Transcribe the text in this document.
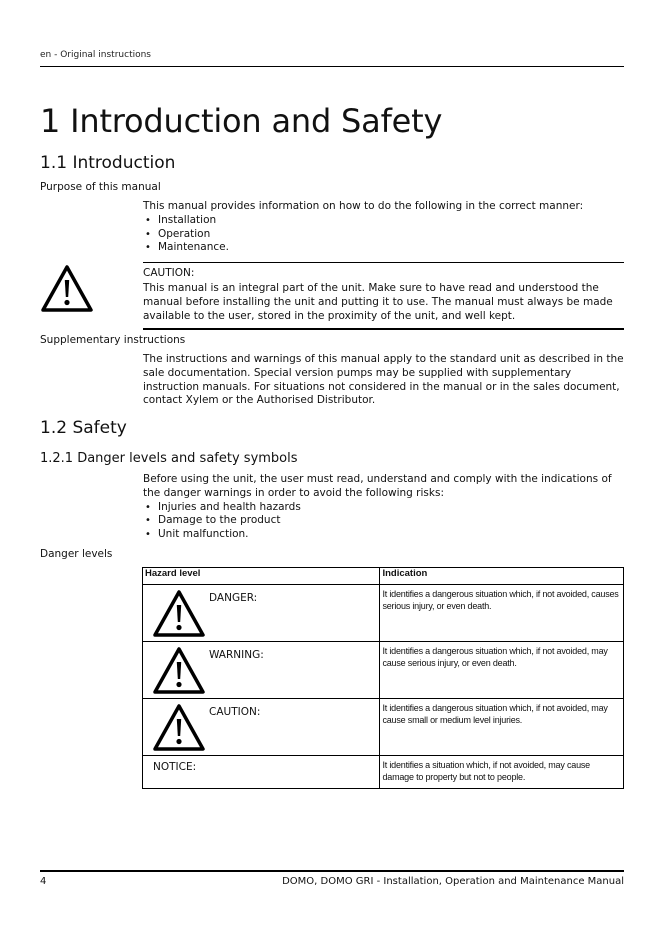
en - Original instructions
1 Introduction and Safety
1.1 Introduction
Purpose of this manual

This manual provides information on how to do the following in the correct manner:

• Installation
• Operation
• Maintenance.
CAUTION:
This manual is an integral part of the unit. Make sure to have read and understood the manual before installing the unit and putting it to use. The manual must always be made available to the user, stored in the proximity of the unit, and well kept.
Supplementary instructions
The instructions and warnings of this manual apply to the standard unit as described in the sale documentation. Special version pumps may be supplied with supplementary instruction manuals. For situations not considered in the manual or in the sales document, contact Xylem or the Authorised Distributor.
1.2 Safety
1.2.1 Danger levels and safety symbols

Before using the unit, the user must read, understand and comply with the indications of the danger warnings in order to avoid the following risks:

• Injuries and health hazards
• Damage to the product
• Unit malfunction.
Danger levels
Hazard level	Indication

DANGER:	It identifies a dangerous situation which, if not avoided, causes serious injury, or even death.

WARNING:	It identifies a dangerous situation which, if not avoided, may cause serious injury, or even death.

CAUTION:	It identifies a dangerous situation which, if not avoided, may cause small or medium level injuries.

NOTICE:	It identifies a situation which, if not avoided, may cause damage to property but not to people.
4	DOMO, DOMO GRI - Installation, Operation and Maintenance Manual
